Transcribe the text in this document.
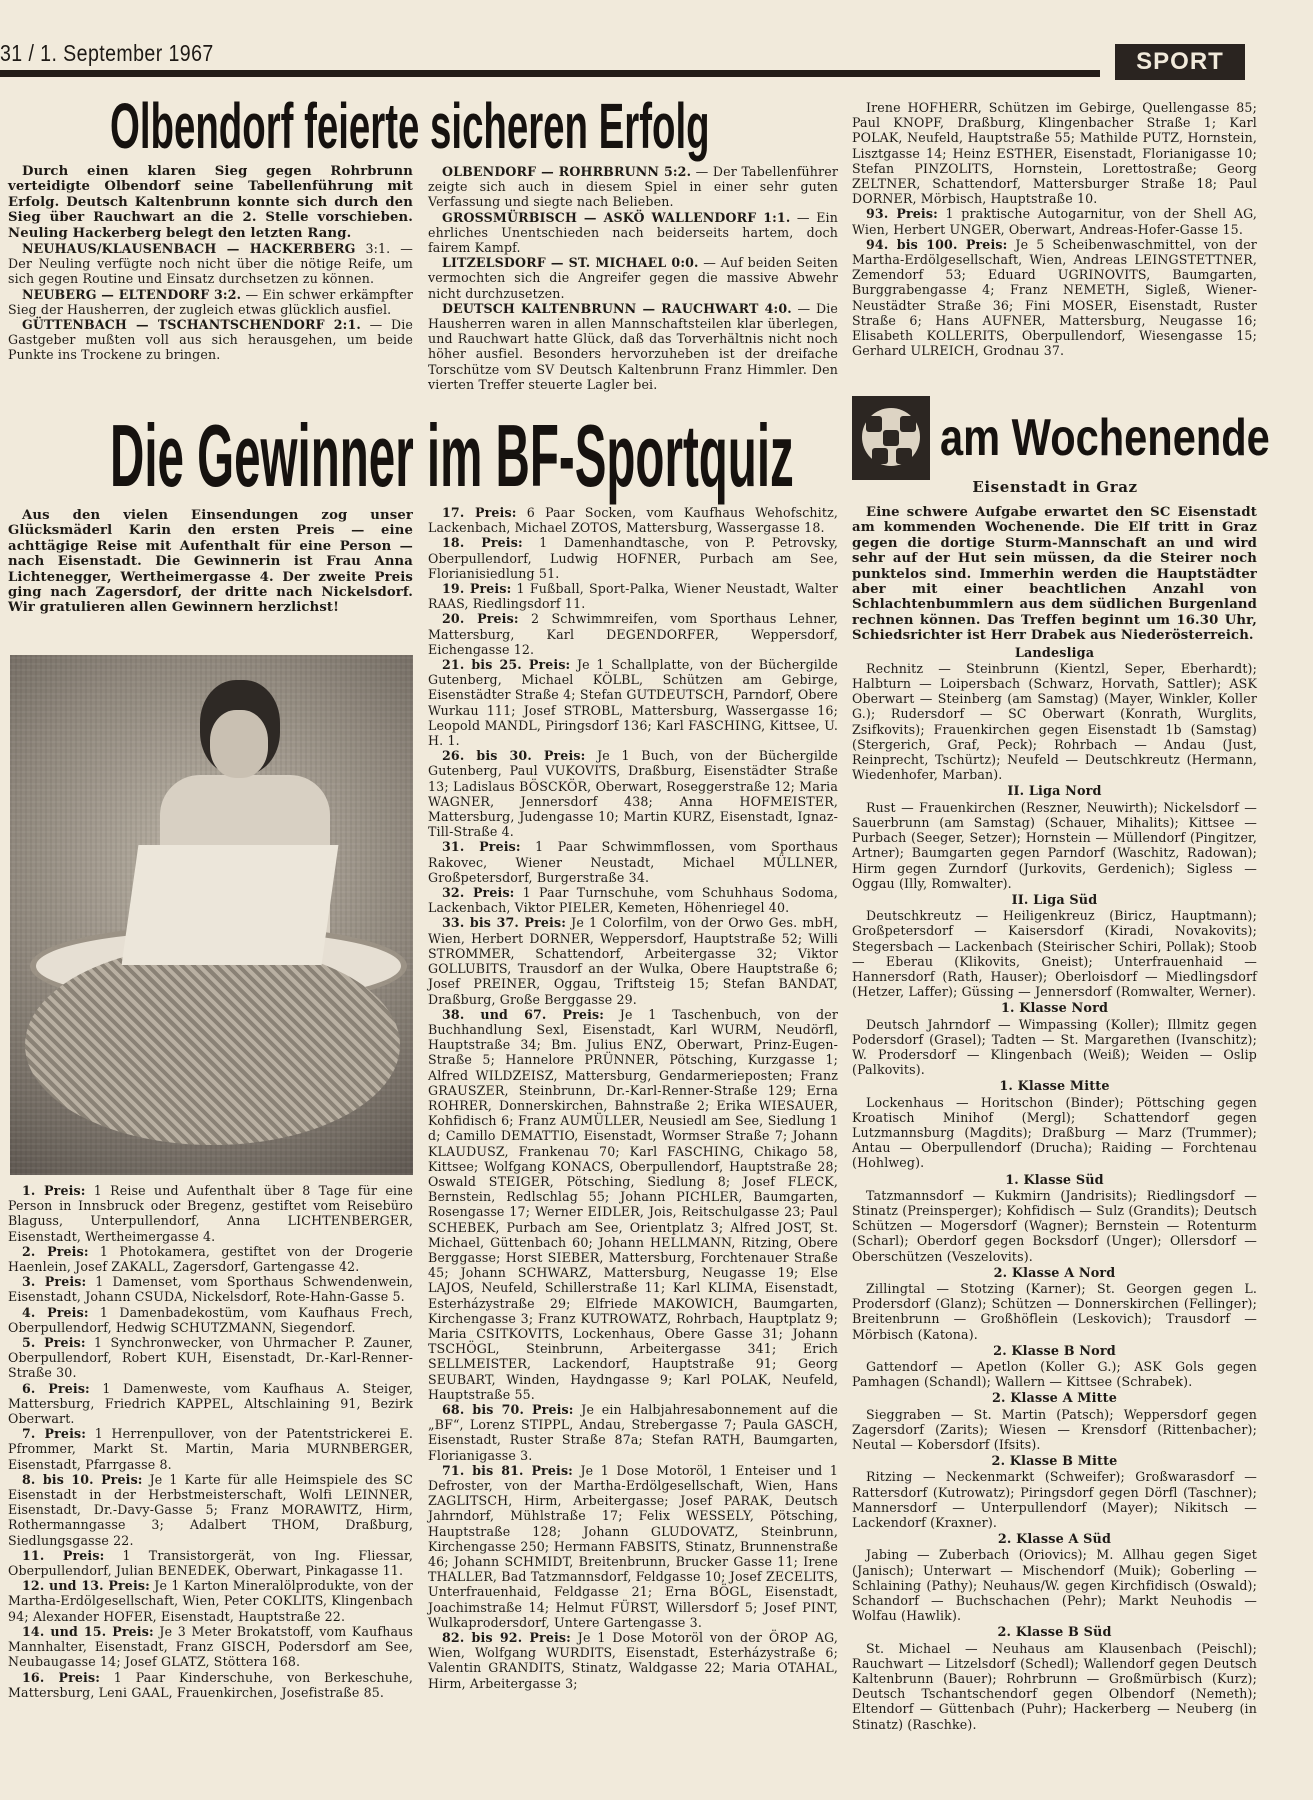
31 / 1. September 1967	SPORT
Olbendorf feierte sicheren Erfolg

Durch einen klaren Sieg gegen Rohrbrunn verteidigte Olbendorf seine Tabellenführung mit Erfolg. Deutsch Kaltenbrunn konnte sich durch den Sieg über Rauchwart an die 2. Stelle vorschieben. Neuling Hackerberg belegt den letzten Rang.

NEUHAUS/KLAUSENBACH — HACKERBERG 3:1. — Der Neuling verfügte noch nicht über die nötige Reife, um sich gegen Routine und Einsatz durchsetzen zu können.

NEUBERG — ELTENDORF 3:2. — Ein schwer erkämpfter Sieg der Hausherren, der zugleich etwas glücklich ausfiel.

GÜTTENBACH — TSCHANTSCHENDORF 2:1. — Die Gastgeber mußten voll aus sich herausgehen, um beide Punkte ins Trockene zu bringen.

OLBENDORF — ROHRBRUNN 5:2. — Der Tabellenführer zeigte sich auch in diesem Spiel in einer sehr guten Verfassung und siegte nach Belieben.

GROSSMÜRBISCH — ASKÖ WALLENDORF 1:1. — Ein ehrliches Unentschieden nach beiderseits hartem, doch fairem Kampf.

LITZELSDORF — ST. MICHAEL 0:0. — Auf beiden Seiten vermochten sich die Angreifer gegen die massive Abwehr nicht durchzusetzen.

DEUTSCH KALTENBRUNN — RAUCHWART 4:0. — Die Hausherren waren in allen Mannschaftsteilen klar überlegen, und Rauchwart hatte Glück, daß das Torverhältnis nicht noch höher ausfiel. Besonders hervorzuheben ist der dreifache Torschütze vom SV Deutsch Kaltenbrunn Franz Himmler. Den vierten Treffer steuerte Lagler bei.

Irene HOFHERR, Schützen im Gebirge, Quellengasse 85; Paul KNOPF, Draßburg, Klingenbacher Straße 1; Karl POLAK, Neufeld, Hauptstraße 55; Mathilde PUTZ, Hornstein, Lisztgasse 14; Heinz ESTHER, Eisenstadt, Florianigasse 10; Stefan PINZOLITS, Hornstein, Lorettostraße; Georg ZELTNER, Schattendorf, Mattersburger Straße 18; Paul DORNER, Mörbisch, Hauptstraße 10.

93. Preis: 1 praktische Autogarnitur, von der Shell AG, Wien, Herbert UNGER, Oberwart, Andreas-Hofer-Gasse 15.

94. bis 100. Preis: Je 5 Scheibenwaschmittel, von der Martha-Erdölgesellschaft, Wien, Andreas LEINGSTETTNER, Zemendorf 53; Eduard UGRINOVITS, Baumgarten, Burggrabengasse 4; Franz NEMETH, Sigleß, Wiener-Neustädter Straße 36; Fini MOSER, Eisenstadt, Ruster Straße 6; Hans AUFNER, Mattersburg, Neugasse 16; Elisabeth KOLLERITS, Oberpullendorf, Wiesengasse 15; Gerhard ULREICH, Grodnau 37.

Die Gewinner im BF-Sportquiz	am Wochenende
Eisenstadt in Graz

Aus den vielen Einsendungen zog unser Glücksmäderl Karin den ersten Preis — eine achttägige Reise mit Aufenthalt für eine Person — nach Eisenstadt. Die Gewinnerin ist Frau Anna Lichtenegger, Wertheimergasse 4. Der zweite Preis ging nach Zagersdorf, der dritte nach Nickelsdorf. Wir gratulieren allen Gewinnern herzlichst!

1. Preis: 1 Reise und Aufenthalt über 8 Tage für eine Person in Innsbruck oder Bregenz, gestiftet vom Reisebüro Blaguss, Unterpullendorf, Anna LICHTENBERGER, Eisenstadt, Wertheimergasse 4.

2. Preis: 1 Photokamera, gestiftet von der Drogerie Haenlein, Josef ZAKALL, Zagersdorf, Gartengasse 42.

3. Preis: 1 Damenset, vom Sporthaus Schwendenwein, Eisenstadt, Johann CSUDA, Nickelsdorf, Rote-Hahn-Gasse 5.

4. Preis: 1 Damenbadekostüm, vom Kaufhaus Frech, Oberpullendorf, Hedwig SCHUTZMANN, Siegendorf.

5. Preis: 1 Synchronwecker, von Uhrmacher P. Zauner, Oberpullendorf, Robert KUH, Eisenstadt, Dr.-Karl-Renner-Straße 30.

6. Preis: 1 Damenweste, vom Kaufhaus A. Steiger, Mattersburg, Friedrich KAPPEL, Altschlaining 91, Bezirk Oberwart.

7. Preis: 1 Herrenpullover, von der Patentstrickerei E. Pfrommer, Markt St. Martin, Maria MURNBERGER, Eisenstadt, Pfarrgasse 8.

8. bis 10. Preis: Je 1 Karte für alle Heimspiele des SC Eisenstadt in der Herbstmeisterschaft, Wolfi LEINNER, Eisenstadt, Dr.-Davy-Gasse 5; Franz MORAWITZ, Hirm, Rothermanngasse 3; Adalbert THOM, Draßburg, Siedlungsgasse 22.

11. Preis: 1 Transistorgerät, von Ing. Fliessar, Oberpullendorf, Julian BENEDEK, Oberwart, Pinkagasse 11.

12. und 13. Preis: Je 1 Karton Mineralölprodukte, von der Martha-Erdölgesellschaft, Wien, Peter COKLITS, Klingenbach 94; Alexander HOFER, Eisenstadt, Hauptstraße 22.

14. und 15. Preis: Je 3 Meter Brokatstoff, vom Kaufhaus Mannhalter, Eisenstadt, Franz GISCH, Podersdorf am See, Neubaugasse 14; Josef GLATZ, Stöttera 168.

16. Preis: 1 Paar Kinderschuhe, von Berkeschuhe, Mattersburg, Leni GAAL, Frauenkirchen, Josefistraße 85.

17. Preis: 6 Paar Socken, vom Kaufhaus Wehofschitz, Lackenbach, Michael ZOTOS, Mattersburg, Wassergasse 18.

18. Preis: 1 Damenhandtasche, von P. Petrovsky, Oberpullendorf, Ludwig HOFNER, Purbach am See, Florianisiedlung 51.

19. Preis: 1 Fußball, Sport-Palka, Wiener Neustadt, Walter RAAS, Riedlingsdorf 11.

20. Preis: 2 Schwimmreifen, vom Sporthaus Lehner, Mattersburg, Karl DEGENDORFER, Weppersdorf, Eichengasse 12.

21. bis 25. Preis: Je 1 Schallplatte, von der Büchergilde Gutenberg, Michael KÖLBL, Schützen am Gebirge, Eisenstädter Straße 4; Stefan GUTDEUTSCH, Parndorf, Obere Wurkau 111; Josef STROBL, Mattersburg, Wassergasse 16; Leopold MANDL, Piringsdorf 136; Karl FASCHING, Kittsee, U. H. 1.

26. bis 30. Preis: Je 1 Buch, von der Büchergilde Gutenberg, Paul VUKOVITS, Draßburg, Eisenstädter Straße 13; Ladislaus BÖSCKÖR, Oberwart, Roseggerstraße 12; Maria WAGNER, Jennersdorf 438; Anna HOFMEISTER, Mattersburg, Judengasse 10; Martin KURZ, Eisenstadt, Ignaz-Till-Straße 4.

31. Preis: 1 Paar Schwimmflossen, vom Sporthaus Rakovec, Wiener Neustadt, Michael MÜLLNER, Großpetersdorf, Burgerstraße 34.

32. Preis: 1 Paar Turnschuhe, vom Schuhhaus Sodoma, Lackenbach, Viktor PIELER, Kemeten, Höhenriegel 40.

33. bis 37. Preis: Je 1 Colorfilm, von der Orwo Ges. mbH, Wien, Herbert DORNER, Weppersdorf, Hauptstraße 52; Willi STROMMER, Schattendorf, Arbeitergasse 32; Viktor GOLLUBITS, Trausdorf an der Wulka, Obere Hauptstraße 6; Josef PREINER, Oggau, Triftsteig 15; Stefan BANDAT, Draßburg, Große Berggasse 29.

38. und 67. Preis: Je 1 Taschenbuch, von der Buchhandlung Sexl, Eisenstadt, Karl WURM, Neudörfl, Hauptstraße 34; Bm. Julius ENZ, Oberwart, Prinz-Eugen-Straße 5; Hannelore PRÜNNER, Pötsching, Kurzgasse 1; Alfred WILDZEISZ, Mattersburg, Gendarmerieposten; Franz GRAUSZER, Steinbrunn, Dr.-Karl-Renner-Straße 129; Erna ROHRER, Donnerskirchen, Bahnstraße 2; Erika WIESAUER, Kohfidisch 6; Franz AUMÜLLER, Neusiedl am See, Siedlung 1 d; Camillo DEMATTIO, Eisenstadt, Wormser Straße 7; Johann KLAUDUSZ, Frankenau 70; Karl FASCHING, Chikago 58, Kittsee; Wolfgang KONACS, Oberpullendorf, Hauptstraße 28; Oswald STEIGER, Pötsching, Siedlung 8; Josef FLECK, Bernstein, Redlschlag 55; Johann PICHLER, Baumgarten, Rosengasse 17; Werner EIDLER, Jois, Reitschulgasse 23; Paul SCHEBEK, Purbach am See, Orientplatz 3; Alfred JOST, St. Michael, Güttenbach 60; Johann HELLMANN, Ritzing, Obere Berggasse; Horst SIEBER, Mattersburg, Forchtenauer Straße 45; Johann SCHWARZ, Mattersburg, Neugasse 19; Else LAJOS, Neufeld, Schillerstraße 11; Karl KLIMA, Eisenstadt, Esterházystraße 29; Elfriede MAKOWICH, Baumgarten, Kirchengasse 3; Franz KUTROWATZ, Rohrbach, Hauptplatz 9; Maria CSITKOVITS, Lockenhaus, Obere Gasse 31; Johann TSCHÖGL, Steinbrunn, Arbeitergasse 341; Erich SELLMEISTER, Lackendorf, Hauptstraße 91; Georg SEUBART, Winden, Haydngasse 9; Karl POLAK, Neufeld, Hauptstraße 55.

68. bis 70. Preis: Je ein Halbjahresabonnement auf die „BF“, Lorenz STIPPL, Andau, Strebergasse 7; Paula GASCH, Eisenstadt, Ruster Straße 87a; Stefan RATH, Baumgarten, Florianigasse 3.

71. bis 81. Preis: Je 1 Dose Motoröl, 1 Enteiser und 1 Defroster, von der Martha-Erdölgesellschaft, Wien, Hans ZAGLITSCH, Hirm, Arbeitergasse; Josef PARAK, Deutsch Jahrndorf, Mühlstraße 17; Felix WESSELY, Pötsching, Hauptstraße 128; Johann GLUDOVATZ, Steinbrunn, Kirchengasse 250; Hermann FABSITS, Stinatz, Brunnenstraße 46; Johann SCHMIDT, Breitenbrunn, Brucker Gasse 11; Irene THALLER, Bad Tatzmannsdorf, Feldgasse 10; Josef ZECELITS, Unterfrauenhaid, Feldgasse 21; Erna BÖGL, Eisenstadt, Joachimstraße 14; Helmut FÜRST, Willersdorf 5; Josef PINT, Wulkaprodersdorf, Untere Gartengasse 3.

82. bis 92. Preis: Je 1 Dose Motoröl von der ÖROP AG, Wien, Wolfgang WURDITS, Eisenstadt, Esterházystraße 6; Valentin GRANDITS, Stinatz, Waldgasse 22; Maria OTAHAL, Hirm, Arbeitergasse 3;

Eine schwere Aufgabe erwartet den SC Eisenstadt am kommenden Wochenende. Die Elf tritt in Graz gegen die dortige Sturm-Mannschaft an und wird sehr auf der Hut sein müssen, da die Steirer noch punktelos sind. Immerhin werden die Hauptstädter aber mit einer beachtlichen Anzahl von Schlachtenbummlern aus dem südlichen Burgenland rechnen können. Das Treffen beginnt um 16.30 Uhr, Schiedsrichter ist Herr Drabek aus Niederösterreich.

Landesliga

Rechnitz — Steinbrunn (Kientzl, Seper, Eberhardt); Halbturn — Loipersbach (Schwarz, Horvath, Sattler); ASK Oberwart — Steinberg (am Samstag) (Mayer, Winkler, Koller G.); Rudersdorf — SC Oberwart (Konrath, Wurglits, Zsifkovits); Frauenkirchen gegen Eisenstadt 1b (Samstag) (Stergerich, Graf, Peck); Rohrbach — Andau (Just, Reinprecht, Tschürtz); Neufeld — Deutschkreutz (Hermann, Wiedenhofer, Marban).

II. Liga Nord

Rust — Frauenkirchen (Reszner, Neuwirth); Nickelsdorf — Sauerbrunn (am Samstag) (Schauer, Mihalits); Kittsee — Purbach (Seeger, Setzer); Hornstein — Müllendorf (Pingitzer, Artner); Baumgarten gegen Parndorf (Waschitz, Radowan); Hirm gegen Zurndorf (Jurkovits, Gerdenich); Sigless — Oggau (Illy, Romwalter).

II. Liga Süd

Deutschkreutz — Heiligenkreuz (Biricz, Hauptmann); Großpetersdorf — Kaisersdorf (Kiradi, Novakovits); Stegersbach — Lackenbach (Steirischer Schiri, Pollak); Stoob — Eberau (Klikovits, Gneist); Unterfrauenhaid — Hannersdorf (Rath, Hauser); Oberloisdorf — Miedlingsdorf (Hetzer, Laffer); Güssing — Jennersdorf (Romwalter, Werner).

1. Klasse Nord

Deutsch Jahrndorf — Wimpassing (Koller); Illmitz gegen Podersdorf (Grasel); Tadten — St. Margarethen (Ivanschitz); W. Prodersdorf — Klingenbach (Weiß); Weiden — Oslip (Palkovits).

1. Klasse Mitte

Lockenhaus — Horitschon (Binder); Pöttsching gegen Kroatisch Minihof (Mergl); Schattendorf gegen Lutzmannsburg (Magdits); Draßburg — Marz (Trummer); Antau — Oberpullendorf (Drucha); Raiding — Forchtenau (Hohlweg).

1. Klasse Süd

Tatzmannsdorf — Kukmirn (Jandrisits); Riedlingsdorf — Stinatz (Preinsperger); Kohfidisch — Sulz (Grandits); Deutsch Schützen — Mogersdorf (Wagner); Bernstein — Rotenturm (Scharl); Oberdorf gegen Bocksdorf (Unger); Ollersdorf — Oberschützen (Veszelovits).

2. Klasse A Nord

Zillingtal — Stotzing (Karner); St. Georgen gegen L. Prodersdorf (Glanz); Schützen — Donnerskirchen (Fellinger); Breitenbrunn — Großhöflein (Leskovich); Trausdorf — Mörbisch (Katona).

2. Klasse B Nord

Gattendorf — Apetlon (Koller G.); ASK Gols gegen Pamhagen (Schandl); Wallern — Kittsee (Schrabek).

2. Klasse A Mitte

Sieggraben — St. Martin (Patsch); Weppersdorf gegen Zagersdorf (Zarits); Wiesen — Krensdorf (Rittenbacher); Neutal — Kobersdorf (Ifsits).

2. Klasse B Mitte

Ritzing — Neckenmarkt (Schweifer); Großwarasdorf — Rattersdorf (Kutrowatz); Piringsdorf gegen Dörfl (Taschner); Mannersdorf — Unterpullendorf (Mayer); Nikitsch — Lackendorf (Kraxner).

2. Klasse A Süd

Jabing — Zuberbach (Oriovics); M. Allhau gegen Siget (Janisch); Unterwart — Mischendorf (Muik); Goberling — Schlaining (Pathy); Neuhaus/W. gegen Kirchfidisch (Oswald); Schandorf — Buchschachen (Pehr); Markt Neuhodis — Wolfau (Hawlik).

2. Klasse B Süd

St. Michael — Neuhaus am Klausenbach (Peischl); Rauchwart — Litzelsdorf (Schedl); Wallendorf gegen Deutsch Kaltenbrunn (Bauer); Rohrbrunn — Großmürbisch (Kurz); Deutsch Tschantschendorf gegen Olbendorf (Nemeth); Eltendorf — Güttenbach (Puhr); Hackerberg — Neuberg (in Stinatz) (Raschke).
